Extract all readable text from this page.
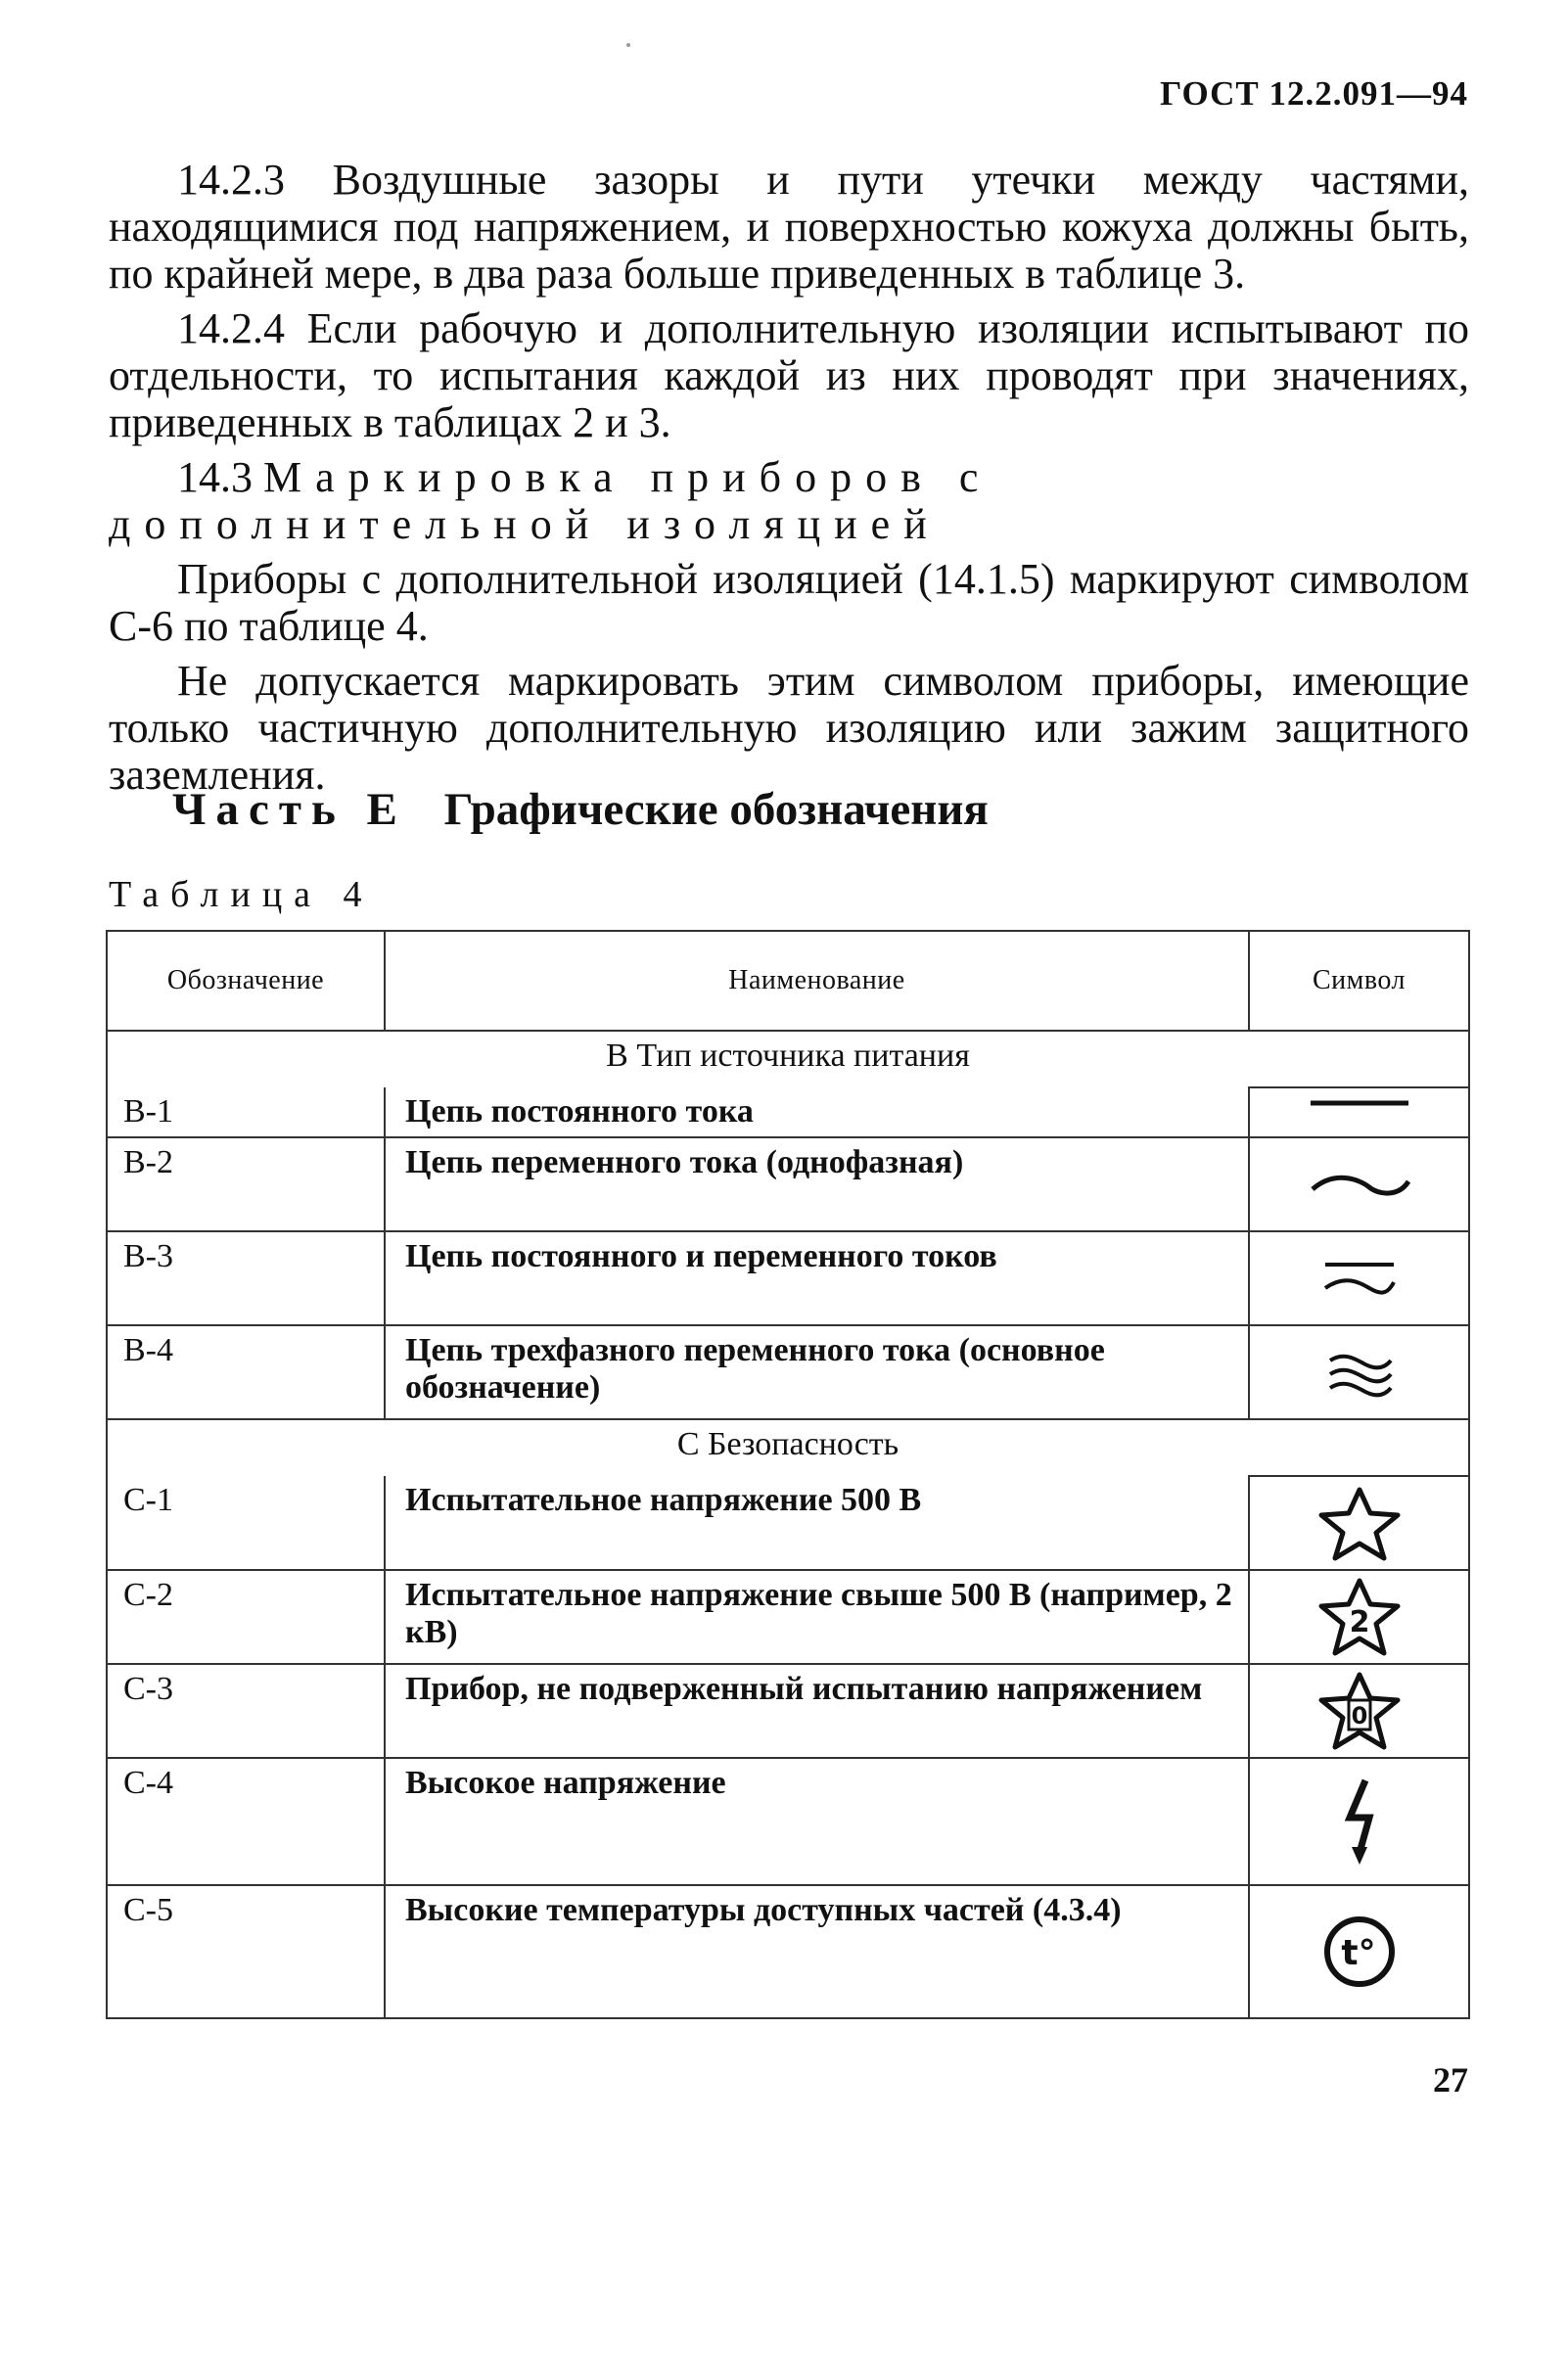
ГОСТ 12.2.091—94

14.2.3 Воздушные зазоры и пути утечки между частями, находящимися под напряжением, и поверхностью кожуха должны быть, по крайней мере, в два раза больше приведенных в таблице 3.

14.2.4 Если рабочую и дополнительную изоляции испытывают по отдельности, то испытания каждой из них проводят при значениях, приведенных в таблицах 2 и 3.

14.3 Маркировка приборов с дополнительной изоляцией

Приборы с дополнительной изоляцией (14.1.5) маркируют символом С-6 по таблице 4.

Не допускается маркировать этим символом приборы, имеющие только частичную дополнительную изоляцию или зажим защитного заземления.

Часть Е Графические обозначения
Таблица 4
Обозначение	Наименование	Символ
В Тип источника питания		
В-1	Цепь постоянного тока	

В-2	Цепь переменного тока (однофазная)	

В-3	Цепь постоянного и переменного токов	

В-4	Цепь трехфазного переменного тока (основное обозначение)	

С Безопасность		
С-1	Испытательное напряжение 500 В	

С-2	Испытательное напряжение свыше 500 В (например, 2 кВ)	2

С-3	Прибор, не подверженный испытанию напряжением	0

С-4	Высокое напряжение	

С-5	Высокие температуры доступных частей (4.3.4)	t°
27
